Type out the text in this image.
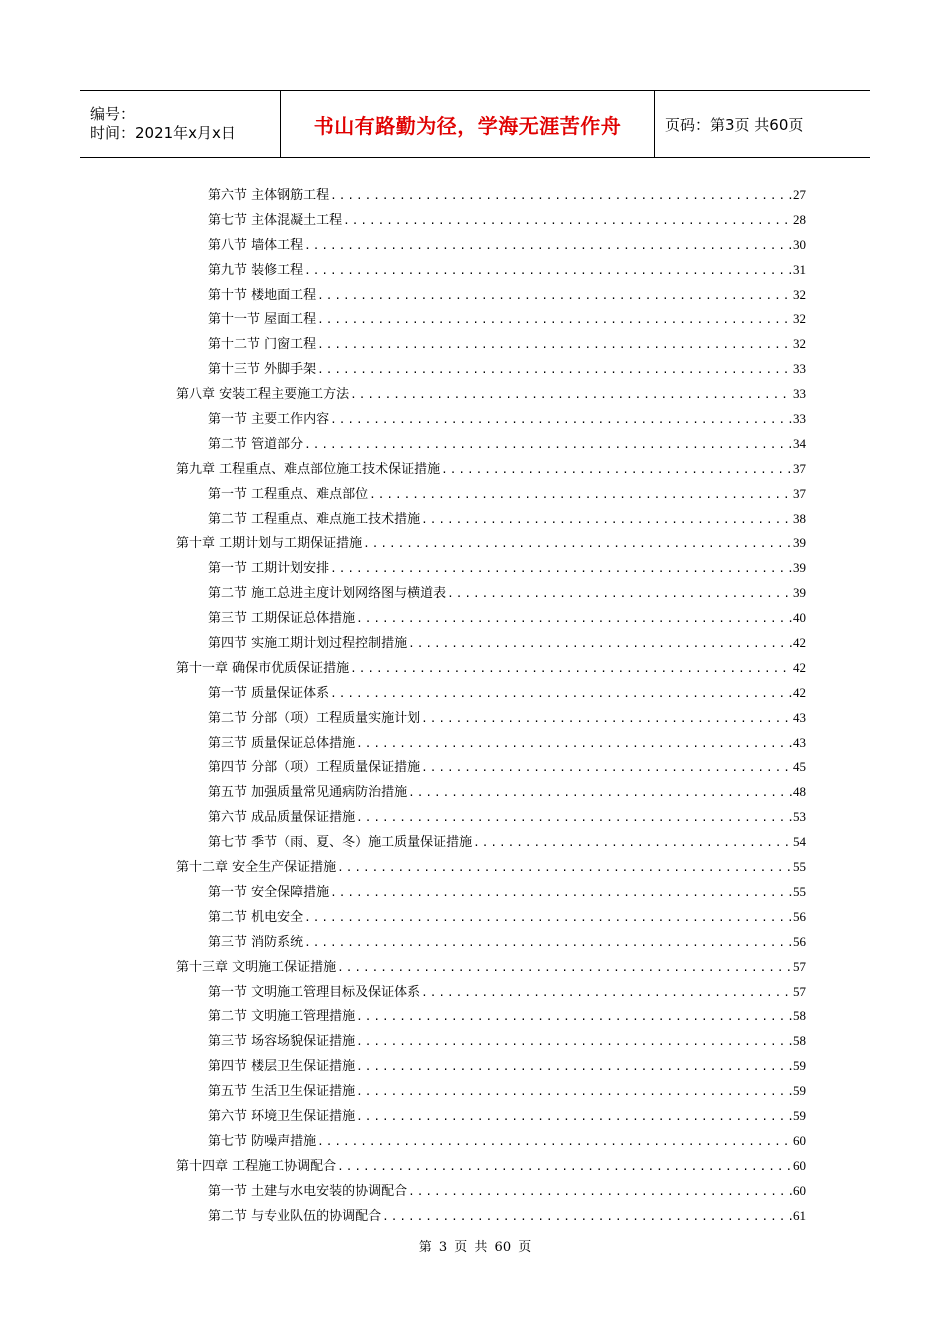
编号：
时间：2021年x月x日	书山有路勤为径，学海无涯苦作舟	页码：第3页 共60页
第六节 主体钢筋工程 .....	27
第七节 主体混凝土工程 .....	28
第八节 墙体工程 .....	30
第九节 装修工程 .....	31
第十节 楼地面工程 .....	32
第十一节 屋面工程 .....	32
第十二节 门窗工程 .....	32
第十三节 外脚手架 .....	33
第八章 安装工程主要施工方法 .....	33
第一节 主要工作内容 .....	33
第二节 管道部分 .....	34
第九章 工程重点、难点部位施工技术保证措施 .....	37
第一节 工程重点、难点部位 .....	37
第二节 工程重点、难点施工技术措施 .....	38
第十章 工期计划与工期保证措施 .....	39
第一节 工期计划安排 .....	39
第二节 施工总进主度计划网络图与横道表 .....	39
第三节 工期保证总体措施 .....	40
第四节 实施工期计划过程控制措施 .....	42
第十一章 确保市优质保证措施 .....	42
第一节 质量保证体系 .....	42
第二节 分部（项）工程质量实施计划 .....	43
第三节 质量保证总体措施 .....	43
第四节 分部（项）工程质量保证措施 .....	45
第五节 加强质量常见通病防治措施 .....	48
第六节 成品质量保证措施 .....	53
第七节 季节（雨、夏、冬）施工质量保证措施 .....	54
第十二章 安全生产保证措施 .....	55
第一节 安全保障措施 .....	55
第二节 机电安全 .....	56
第三节 消防系统 .....	56
第十三章 文明施工保证措施 .....	57
第一节 文明施工管理目标及保证体系 .....	57
第二节 文明施工管理措施 .....	58
第三节 场容场貌保证措施 .....	58
第四节 楼层卫生保证措施 .....	59
第五节 生活卫生保证措施 .....	59
第六节 环境卫生保证措施 .....	59
第七节 防噪声措施 .....	60
第十四章 工程施工协调配合 .....	60
第一节 土建与水电安装的协调配合 .....	60
第二节 与专业队伍的协调配合 .....	61
第 3 页 共 60 页
